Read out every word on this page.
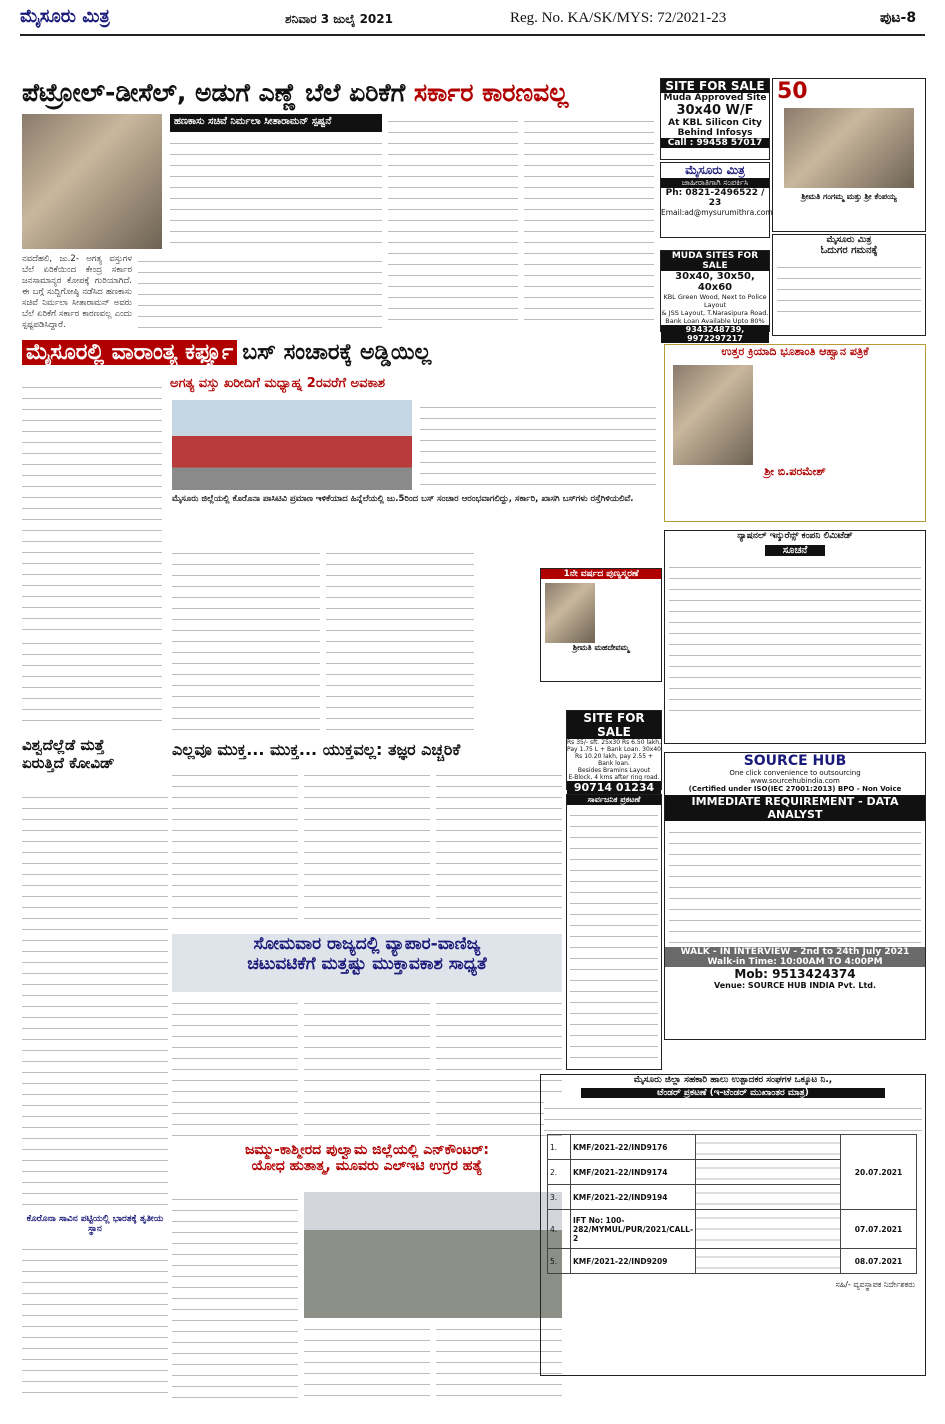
ಮೈಸೂರು ಮಿತ್ರ	ಶನಿವಾರ 3 ಜುಲೈ 2021	Reg. No. KA/SK/MYS: 72/2021-23	ಪುಟ-8
ಪೆಟ್ರೋಲ್-ಡೀಸೆಲ್, ಅಡುಗೆ ಎಣ್ಣೆ ಬೆಲೆ ಏರಿಕೆಗೆ ಸರ್ಕಾರ ಕಾರಣವಲ್ಲ
ಹಣಕಾಸು ಸಚಿವೆ ನಿರ್ಮಲಾ ಸೀತಾರಾಮನ್ ಸ್ಪಷ್ಟನೆ
ನವದೆಹಲಿ, ಜು.2- ಅಗತ್ಯ ವಸ್ತುಗಳ ಬೆಲೆ ಏರಿಕೆಯಿಂದ ಕೇಂದ್ರ ಸರ್ಕಾರ ಜನಸಾಮಾನ್ಯರ ಕೋಪಕ್ಕೆ ಗುರಿಯಾಗಿದೆ. ಈ ಬಗ್ಗೆ ಸುದ್ದಿಗೋಷ್ಠಿ ನಡೆಸಿದ ಹಣಕಾಸು ಸಚಿವೆ ನಿರ್ಮಲಾ ಸೀತಾರಾಮನ್ ಅವರು ಬೆಲೆ ಏರಿಕೆಗೆ ಸರ್ಕಾರ ಕಾರಣವಲ್ಲ ಎಂದು ಸ್ಪಷ್ಟಪಡಿಸಿದ್ದಾರೆ.
SITE FOR SALE
Muda Approved Site
30x40 W/F
At KBL Silicon City
Behind Infosys
Call : 99458 57017
ಮೈಸೂರು ಮಿತ್ರ
ಜಾಹೀರಾತಿಗಾಗಿ ಸಂಪರ್ಕಿಸಿ
Ph: 0821-2496522 / 23
Email:ad@mysurumithra.com
MUDA SITES FOR SALE
30x40, 30x50, 40x60
KBL Green Wood, Next to Police Layout
& JSS Layout, T.Narasipura Road.
Bank Loan Available Upto 80%
9343248739, 9972297217
50
ಶ್ರೀಮತಿ ಗಂಗಮ್ಮ ಮತ್ತು ಶ್ರೀ ಕೆಂಪಯ್ಯ
ಮೈಸೂರು ಮಿತ್ರ
ಓದುಗರ ಗಮನಕ್ಕೆ
ಮೈಸೂರಲ್ಲಿ ವಾರಾಂತ್ಯ ಕರ್ಫ್ಯೂ ಬಸ್ ಸಂಚಾರಕ್ಕೆ ಅಡ್ಡಿಯಿಲ್ಲ
ಅಗತ್ಯ ವಸ್ತು ಖರೀದಿಗೆ ಮಧ್ಯಾಹ್ನ 2ರವರೆಗೆ ಅವಕಾಶ
ಮೈಸೂರು ಜಿಲ್ಲೆಯಲ್ಲಿ ಕೊರೊನಾ ಪಾಸಿಟಿವಿ ಪ್ರಮಾಣ ಇಳಿಕೆಯಾದ ಹಿನ್ನೆಲೆಯಲ್ಲಿ ಜು.5ರಿಂದ ಬಸ್ ಸಂಚಾರ ಆರಂಭವಾಗಲಿದ್ದು, ಸರ್ಕಾರಿ, ಖಾಸಗಿ ಬಸ್‌ಗಳು ರಸ್ತೆಗಿಳಿಯಲಿವೆ.
1ನೇ ವರ್ಷದ ಪುಣ್ಯಸ್ಮರಣೆ
ಶ್ರೀಮತಿ ಮಹದೇವಮ್ಮ
SITE FOR SALE
Rs 35/- sft. 25x30 Rs 6.50 lakh,
Pay 1.75 L + Bank Loan. 30x40
Rs 10.20 lakh, pay 2.55 + Bank loan.
Besides Bramins Layout
E-Block, 4 kms after ring road.
90714 01234
ಸಾರ್ವಜನಿಕ ಪ್ರಕಟಣೆ
ಉತ್ತರ ಕ್ರಿಯಾದಿ ಭೂಶಾಂತಿ ಆಹ್ವಾನ ಪತ್ರಿಕೆ
ಶ್ರೀ ಬಿ.ಪರಮೇಶ್
ನ್ಯಾಷನಲ್ ಇನ್ಶುರೆನ್ಸ್ ಕಂಪನಿ ಲಿಮಿಟೆಡ್
ಸೂಚನೆ
ವಿಶ್ವದೆಲ್ಲೆಡೆ ಮತ್ತೆ
ಏರುತ್ತಿದೆ ಕೋವಿಡ್
ಕೊರೊನಾ ಸಾವಿನ ಪಟ್ಟಿಯಲ್ಲಿ ಭಾರತಕ್ಕೆ ತೃತೀಯ ಸ್ಥಾನ
ಎಲ್ಲವೂ ಮುಕ್ತ... ಮುಕ್ತ... ಯುಕ್ತವಲ್ಲ: ತಜ್ಞರ ಎಚ್ಚರಿಕೆ
ಸೋಮವಾರ ರಾಜ್ಯದಲ್ಲಿ ವ್ಯಾಪಾರ-ವಾಣಿಜ್ಯ
ಚಟುವಟಿಕೆಗೆ ಮತ್ತಷ್ಟು ಮುಕ್ತಾವಕಾಶ ಸಾಧ್ಯತೆ
ಜಮ್ಮು-ಕಾಶ್ಮೀರದ ಪುಲ್ವಾಮ ಜಿಲ್ಲೆಯಲ್ಲಿ ಎನ್‌ಕೌಂಟರ್:
ಯೋಧ ಹುತಾತ್ಮ, ಮೂವರು ಎಲ್‌ಇಟಿ ಉಗ್ರರ ಹತ್ಯೆ
SOURCE HUB
One click convenience to outsourcing
www.sourcehubindia.com
(Certified under ISO(IEC 27001:2013) BPO - Non Voice
IMMEDIATE REQUIREMENT - DATA ANALYST
WALK - IN INTERVIEW - 2nd to 24th July 2021
Walk-in Time: 10:00AM TO 4:00PM
Mob: 9513424374
Venue: SOURCE HUB INDIA Pvt. Ltd.
ಮೈಸೂರು ಜಿಲ್ಲಾ ಸಹಕಾರಿ ಹಾಲು ಉತ್ಪಾದಕರ ಸಂಘಗಳ ಒಕ್ಕೂಟ ನಿ.,
ಟೆಂಡರ್ ಪ್ರಕಟಣೆ (ಇ-ಟೆಂಡರ್ ಮುಖಾಂತರ ಮಾತ್ರ)
1.	KMF/2021-22/IND9176		20.07.2021
2.	KMF/2021-22/IND9174		
3.	KMF/2021-22/IND9194		
4.	IFT No: 100-282/MYMUL/PUR/2021/CALL-2		07.07.2021
5.	KMF/2021-22/IND9209		08.07.2021
ಸಹಿ/- ವ್ಯವಸ್ಥಾಪಕ ನಿರ್ದೇಶಕರು
